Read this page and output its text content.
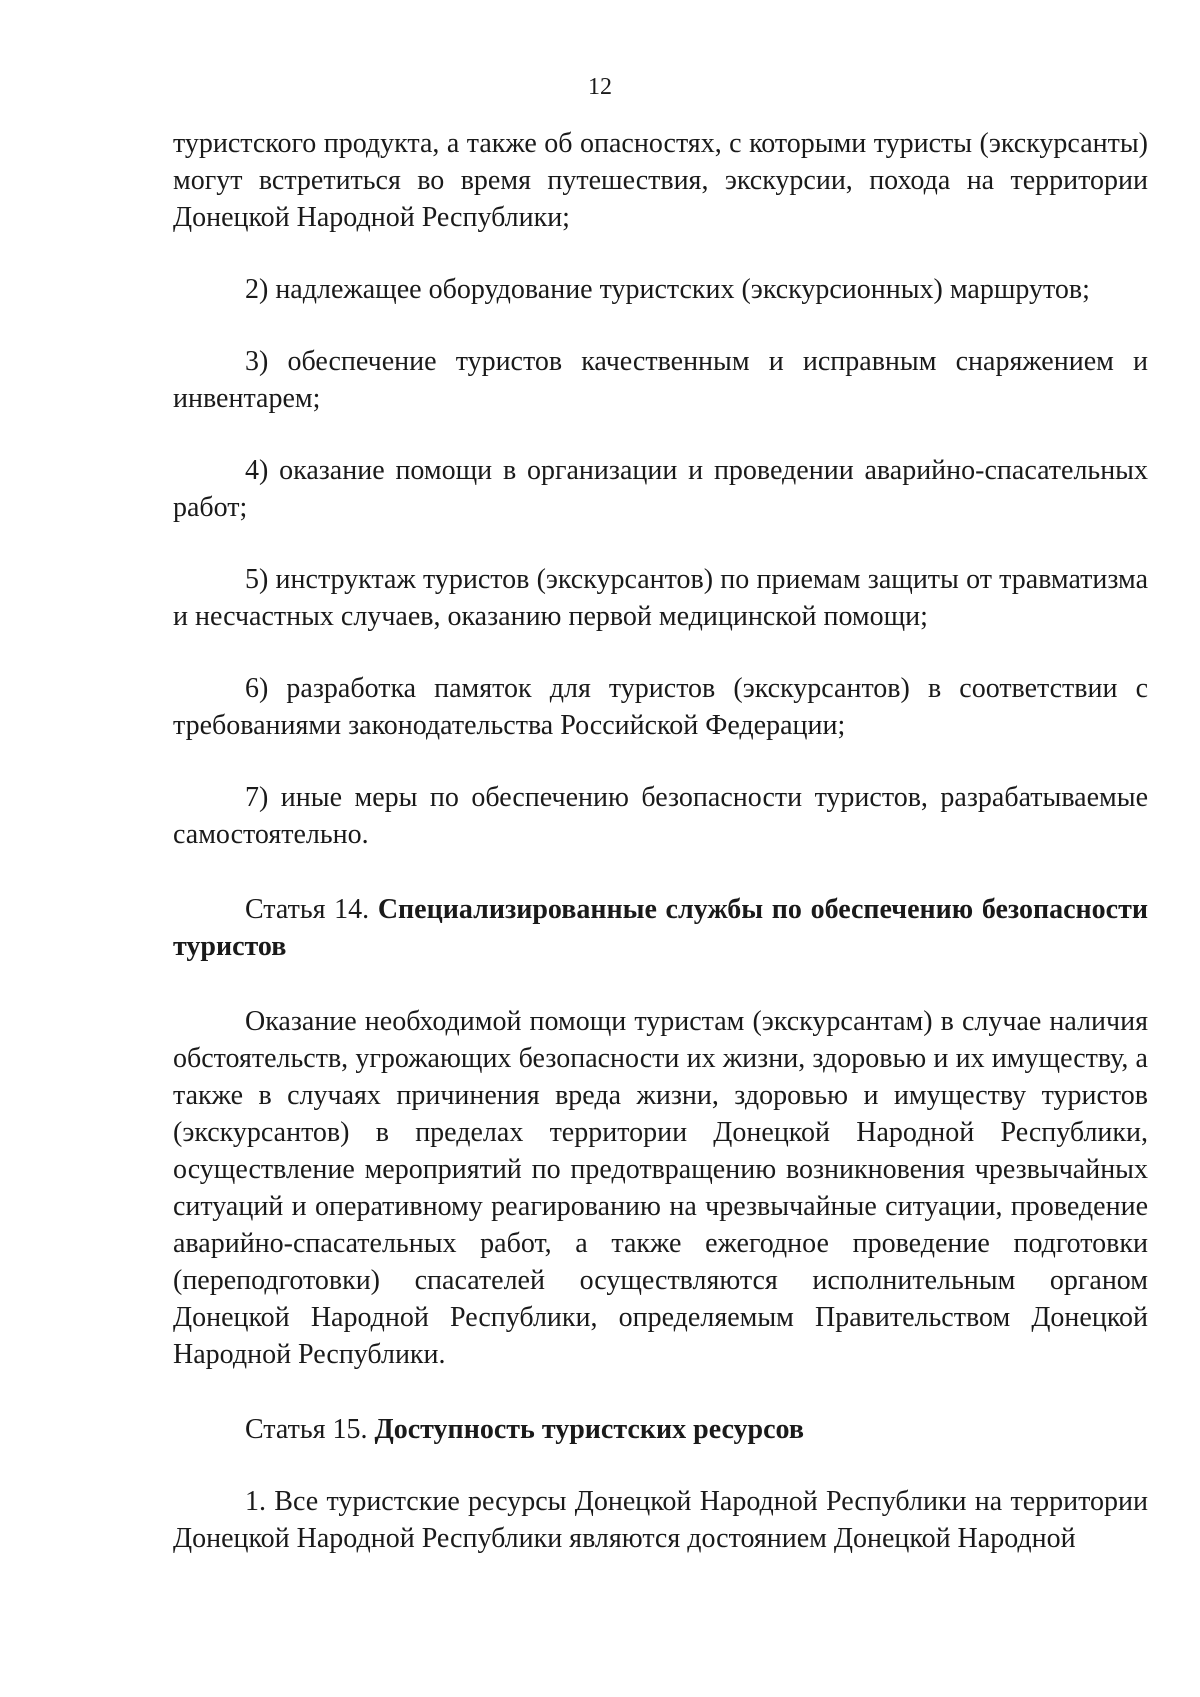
12

туристского продукта, а также об опасностях, с которыми туристы (экскурсанты) могут встретиться во время путешествия, экскурсии, похода на территории Донецкой Народной Республики;

2) надлежащее оборудование туристских (экскурсионных) маршрутов;

3) обеспечение туристов качественным и исправным снаряжением и инвентарем;

4) оказание помощи в организации и проведении аварийно-спасательных работ;

5) инструктаж туристов (экскурсантов) по приемам защиты от травматизма и несчастных случаев, оказанию первой медицинской помощи;

6) разработка памяток для туристов (экскурсантов) в соответствии с требованиями законодательства Российской Федерации;

7) иные меры по обеспечению безопасности туристов, разрабатываемые самостоятельно.

Статья 14. Специализированные службы по обеспечению безопасности туристов

Оказание необходимой помощи туристам (экскурсантам) в случае наличия обстоятельств, угрожающих безопасности их жизни, здоровью и их имуществу, а также в случаях причинения вреда жизни, здоровью и имуществу туристов (экскурсантов) в пределах территории Донецкой Народной Республики, осуществление мероприятий по предотвращению возникновения чрезвычайных ситуаций и оперативному реагированию на чрезвычайные ситуации, проведение аварийно-спасательных работ, а также ежегодное проведение подготовки (переподготовки) спасателей осуществляются исполнительным органом Донецкой Народной Республики, определяемым Правительством Донецкой Народной Республики.

Статья 15. Доступность туристских ресурсов

1. Все туристские ресурсы Донецкой Народной Республики на территории Донецкой Народной Республики являются достоянием Донецкой Народной
